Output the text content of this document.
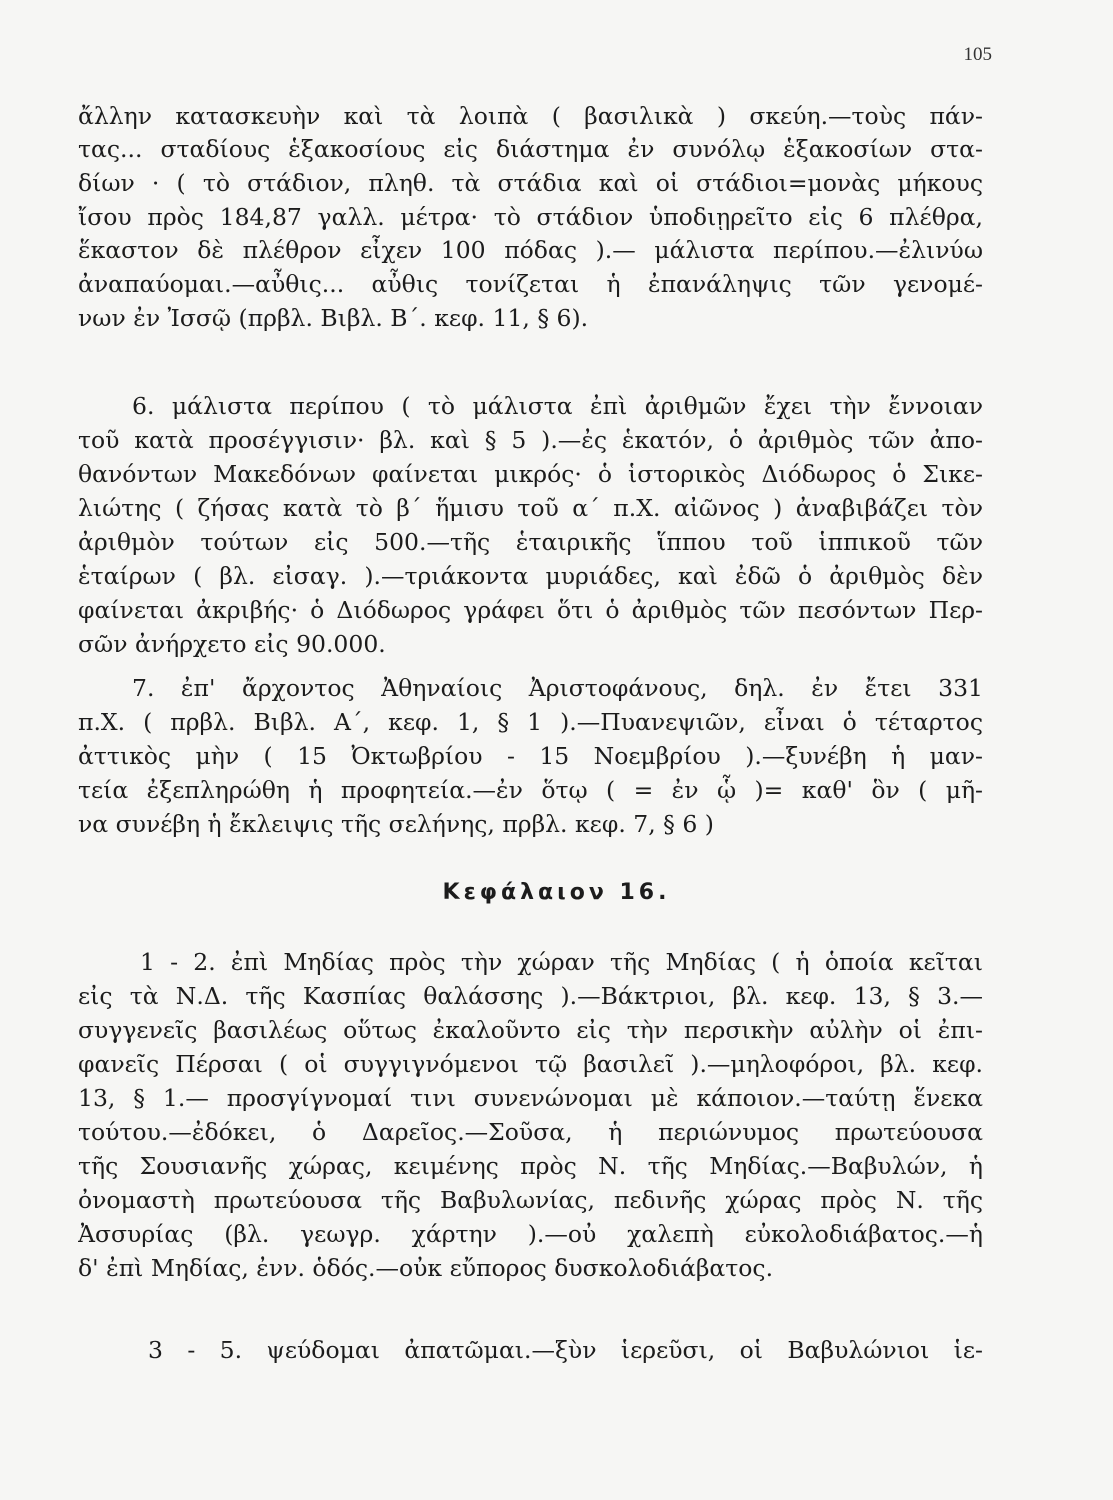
105
ἄλλην κατασκευὴν καὶ τὰ λοιπὰ ( βασιλικὰ ) σκεύη.—τοὺς πάν-
τας... σταδίους ἑξακοσίους εἰς διάστημα ἐν συνόλῳ ἑξακοσίων στα-
δίων · ( τὸ στάδιον, πληθ. τὰ στάδια καὶ οἱ στάδιοι=μονὰς μήκους
ἴσου πρὸς 184,87 γαλλ. μέτρα· τὸ στάδιον ὑποδιῃρεῖτο εἰς 6 πλέθρα,
ἕκαστον δὲ πλέθρον εἶχεν 100 πόδας ).— μάλιστα περίπου.—ἐλινύω
ἀναπαύομαι.—αὖθις... αὖθις τονίζεται ἡ ἐπανάληψις τῶν γενομέ-
νων ἐν Ἰσσῷ (πρβλ. Βιβλ. Β΄. κεφ. 11, § 6).
6. μάλιστα περίπου ( τὸ μάλιστα ἐπὶ ἀριθμῶν ἔχει τὴν ἔννοιαν
τοῦ κατὰ προσέγγισιν· βλ. καὶ § 5 ).—ἐς ἑκατόν, ὁ ἀριθμὸς τῶν ἀπο-
θανόντων Μακεδόνων φαίνεται μικρός· ὁ ἱστορικὸς Διόδωρος ὁ Σικε-
λιώτης ( ζήσας κατὰ τὸ β΄ ἥμισυ τοῦ α΄ π.Χ. αἰῶνος ) ἀναβιβάζει τὸν
ἀριθμὸν τούτων εἰς 500.—τῆς ἑταιρικῆς ἵππου τοῦ ἱππικοῦ τῶν
ἑταίρων ( βλ. εἰσαγ. ).—τριάκοντα μυριάδες, καὶ ἐδῶ ὁ ἀριθμὸς δὲν
φαίνεται ἀκριβής· ὁ Διόδωρος γράφει ὅτι ὁ ἀριθμὸς τῶν πεσόντων Περ-
σῶν ἀνήρχετο εἰς 90.000.
7. ἐπ' ἄρχοντος Ἀθηναίοις Ἀριστοφάνους, δηλ. ἐν ἔτει 331
π.Χ. ( πρβλ. Βιβλ. Α΄, κεφ. 1, § 1 ).—Πυανεψιῶν, εἶναι ὁ τέταρτος
ἀττικὸς μὴν ( 15 Ὀκτωβρίου - 15 Νοεμβρίου ).—ξυνέβη ἡ μαν-
τεία ἐξεπληρώθη ἡ προφητεία.—ἐν ὅτῳ ( = ἐν ᾧ )= καθ' ὃν ( μῆ-
να συνέβη ἡ ἔκλειψις τῆς σελήνης, πρβλ. κεφ. 7, § 6 )
Κεφάλαιον 16.
1 - 2. ἐπὶ Μηδίας πρὸς τὴν χώραν τῆς Μηδίας ( ἡ ὁποία κεῖται
εἰς τὰ Ν.Δ. τῆς Κασπίας θαλάσσης ).—Βάκτριοι, βλ. κεφ. 13, § 3.—
συγγενεῖς βασιλέως οὕτως ἐκαλοῦντο εἰς τὴν περσικὴν αὐλὴν οἱ ἐπι-
φανεῖς Πέρσαι ( οἱ συγγιγνόμενοι τῷ βασιλεῖ ).—μηλοφόροι, βλ. κεφ.
13, § 1.— προσγίγνομαί τινι συνενώνομαι μὲ κάποιον.—ταύτῃ ἕνεκα
τούτου.—ἐδόκει, ὁ Δαρεῖος.—Σοῦσα, ἡ περιώνυμος πρωτεύουσα
τῆς Σουσιανῆς χώρας, κειμένης πρὸς Ν. τῆς Μηδίας.—Βαβυλών, ἡ
ὀνομαστὴ πρωτεύουσα τῆς Βαβυλωνίας, πεδινῆς χώρας πρὸς Ν. τῆς
Ἀσσυρίας (βλ. γεωγρ. χάρτην ).—οὐ χαλεπὴ εὐκολοδιάβατος.—ἡ
δ' ἐπὶ Μηδίας, ἐνν. ὁδός.—οὐκ εὔπορος δυσκολοδιάβατος.
3 - 5. ψεύδομαι ἀπατῶμαι.—ξὺν ἱερεῦσι, οἱ Βαβυλώνιοι ἱε-
